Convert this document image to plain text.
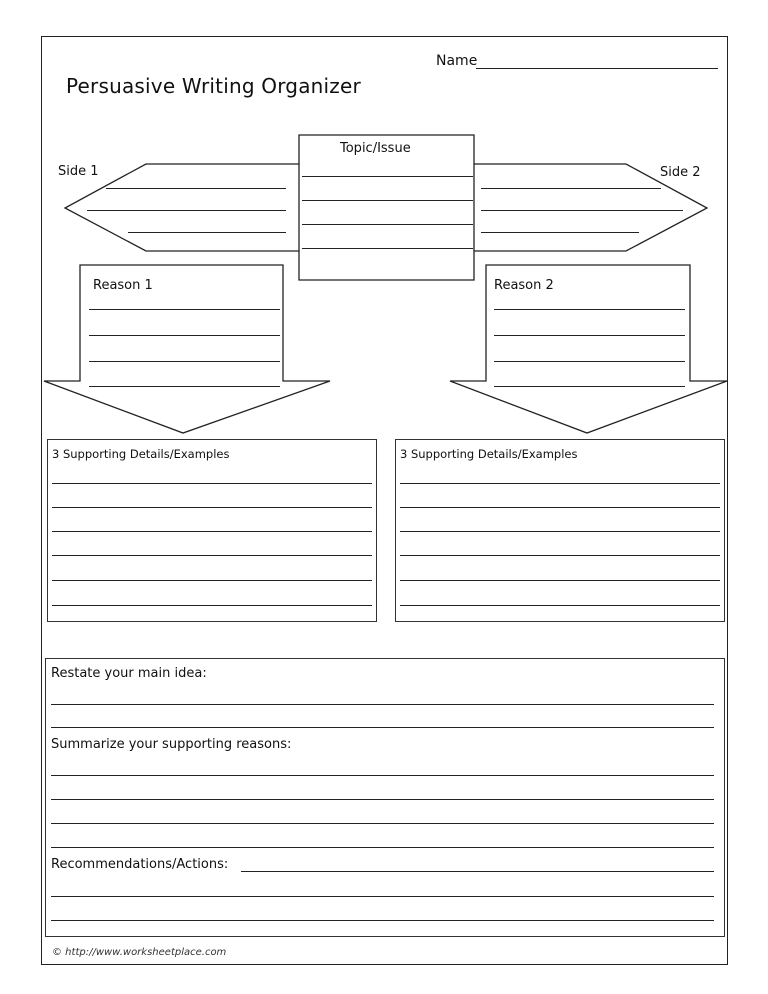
Persuasive Writing Organizer
Name
Topic/Issue
Side 1	Side 2
Reason 1	Reason 2
3 Supporting Details/Examples	3 Supporting Details/Examples
Restate your main idea:
Summarize your supporting reasons:
Recommendations/Actions:
© http://www.worksheetplace.com
